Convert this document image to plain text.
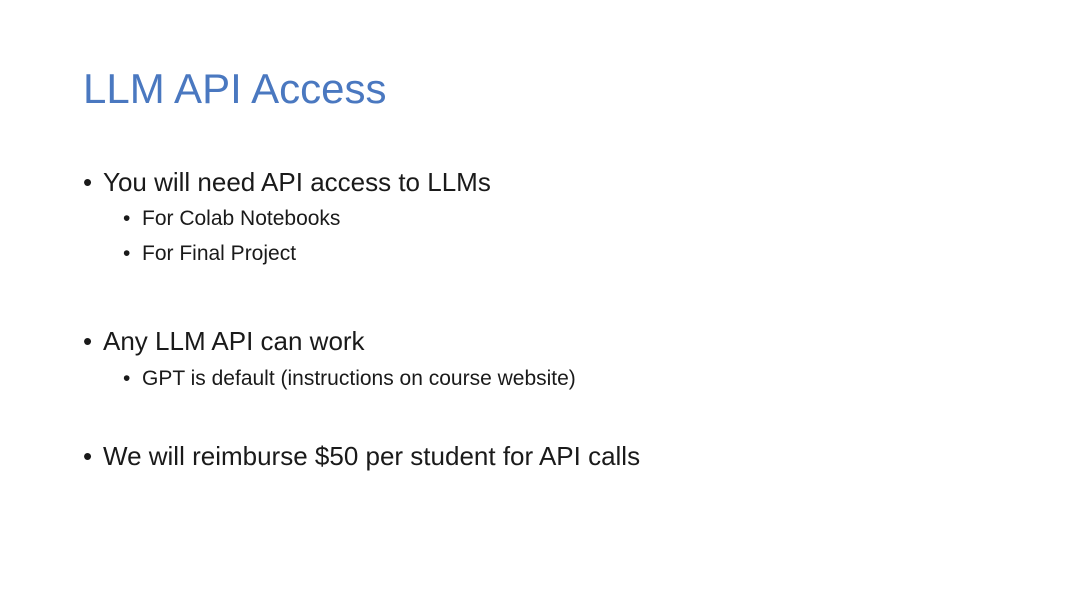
LLM API Access
• You will need API access to LLMs
• For Colab Notebooks
• For Final Project
• Any LLM API can work
• GPT is default (instructions on course website)
• We will reimburse $50 per student for API calls
